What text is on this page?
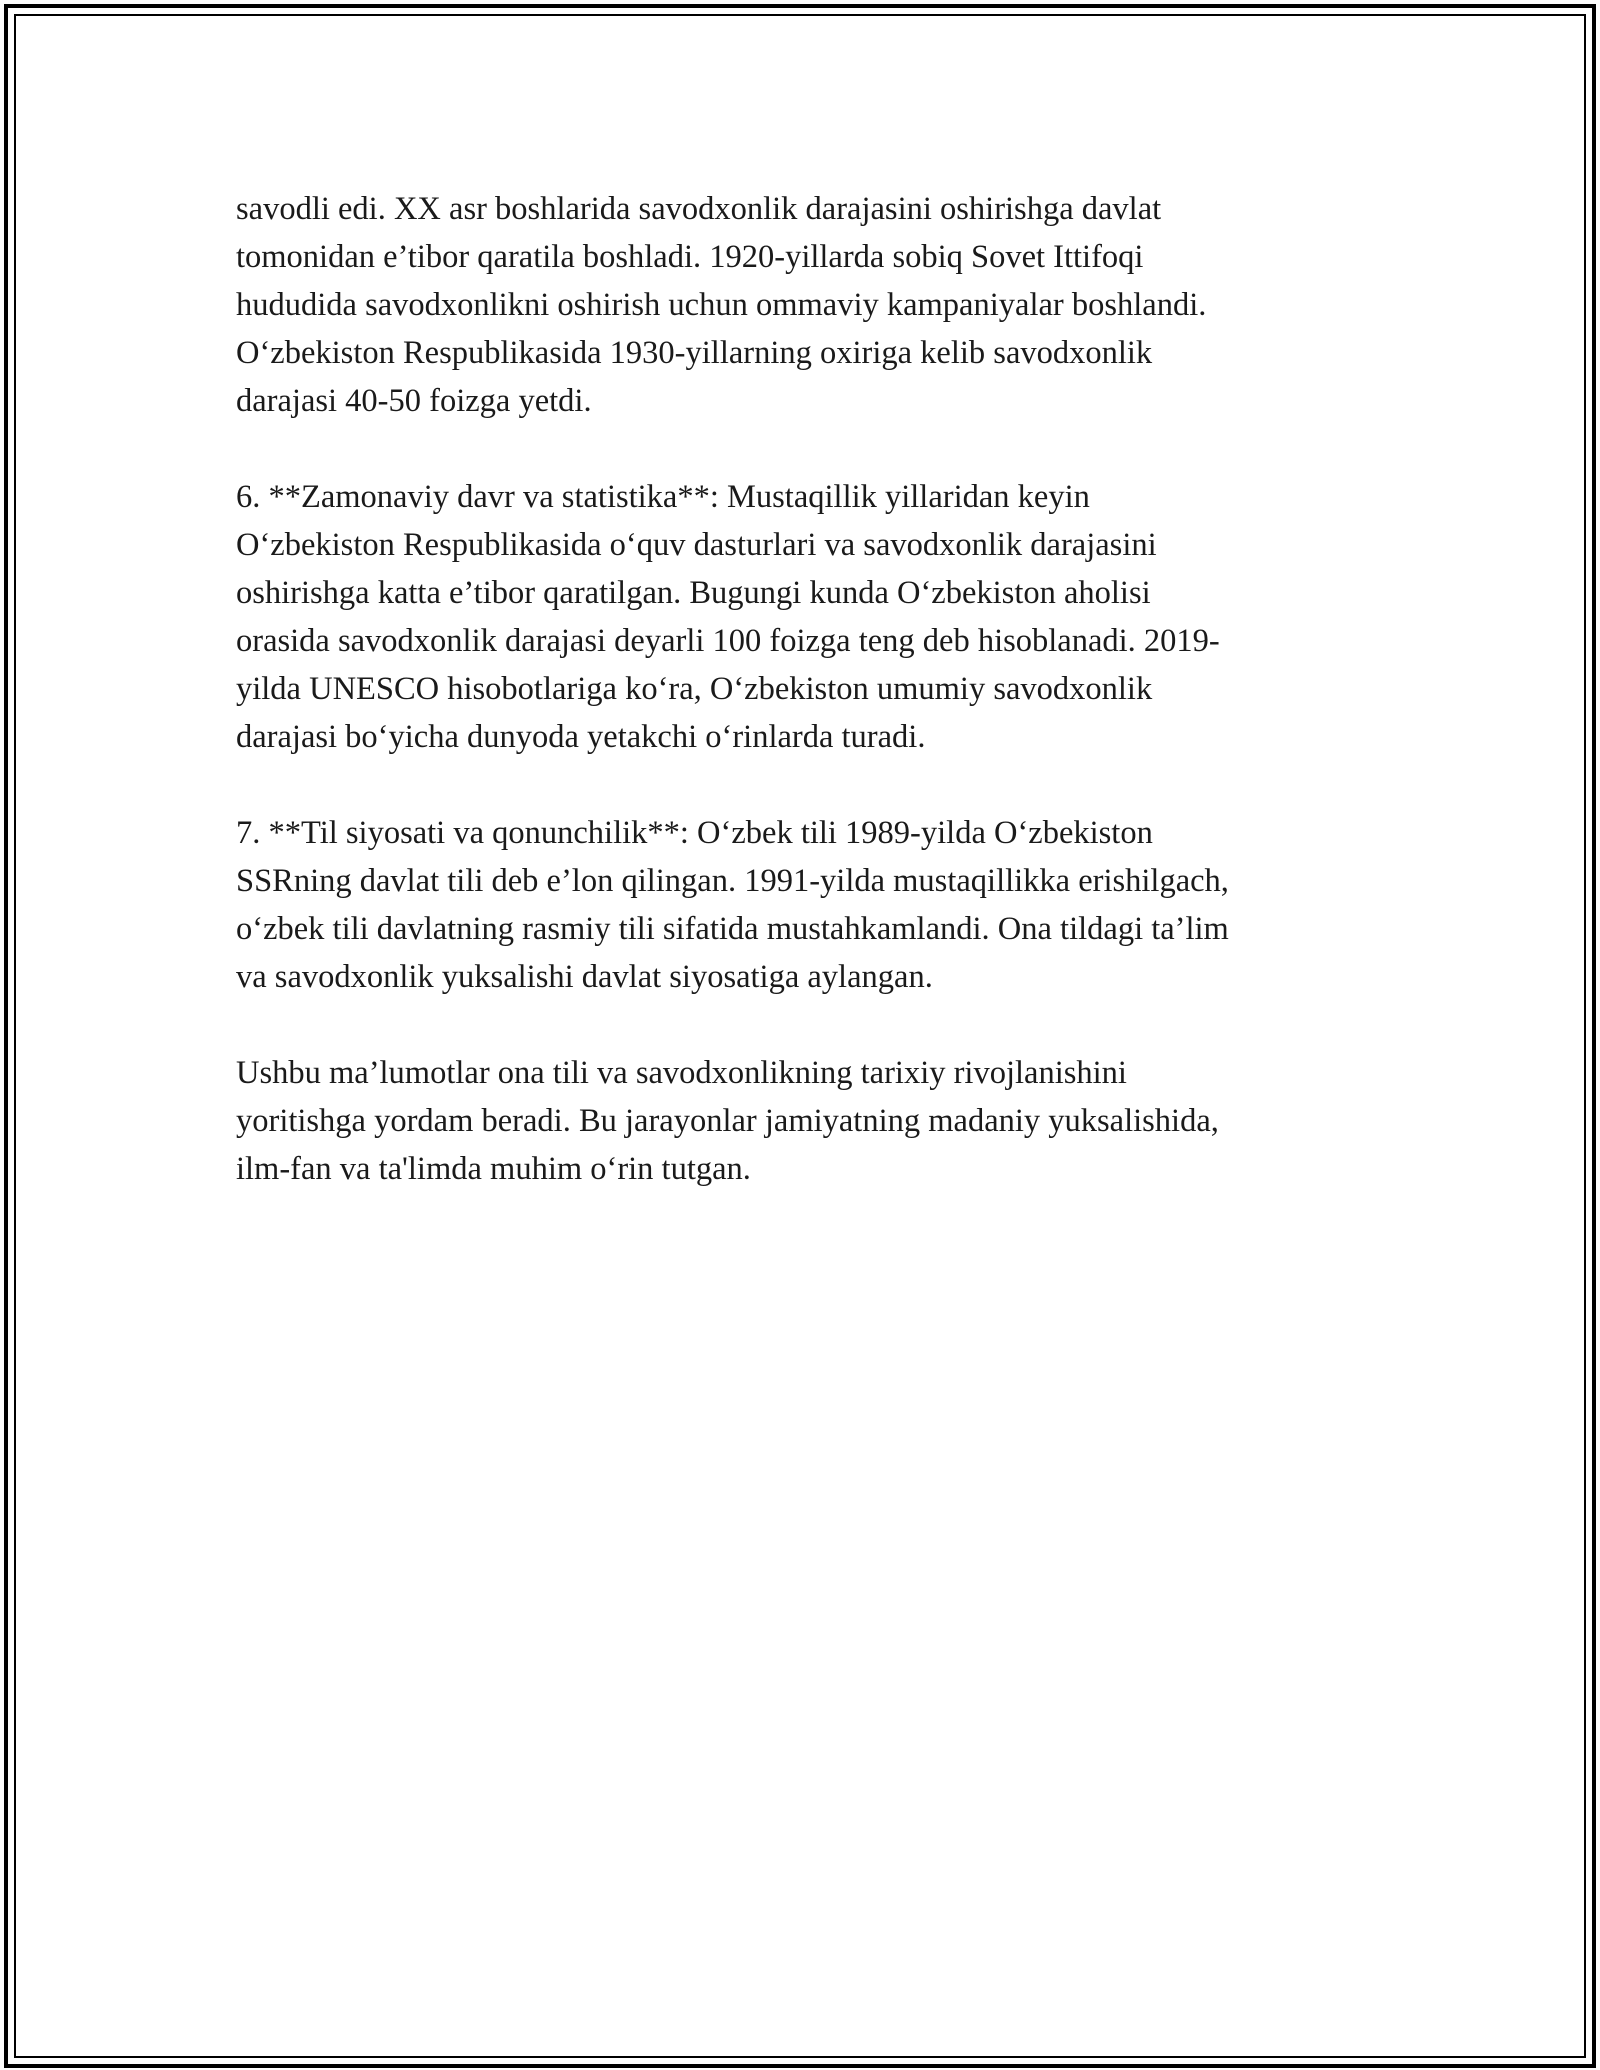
savodli edi. XX asr boshlarida savodxonlik darajasini oshirishga davlat
tomonidan e’tibor qaratila boshladi. 1920-yillarda sobiq Sovet Ittifoqi
hududida savodxonlikni oshirish uchun ommaviy kampaniyalar boshlandi.
O‘zbekiston Respublikasida 1930-yillarning oxiriga kelib savodxonlik
darajasi 40-50 foizga yetdi.

6. **Zamonaviy davr va statistika**: Mustaqillik yillaridan keyin
O‘zbekiston Respublikasida o‘quv dasturlari va savodxonlik darajasini
oshirishga katta e’tibor qaratilgan. Bugungi kunda O‘zbekiston aholisi
orasida savodxonlik darajasi deyarli 100 foizga teng deb hisoblanadi. 2019-
yilda UNESCO hisobotlariga ko‘ra, O‘zbekiston umumiy savodxonlik
darajasi bo‘yicha dunyoda yetakchi o‘rinlarda turadi.

7. **Til siyosati va qonunchilik**: O‘zbek tili 1989-yilda O‘zbekiston
SSRning davlat tili deb e’lon qilingan. 1991-yilda mustaqillikka erishilgach,
o‘zbek tili davlatning rasmiy tili sifatida mustahkamlandi. Ona tildagi ta’lim
va savodxonlik yuksalishi davlat siyosatiga aylangan.

Ushbu ma’lumotlar ona tili va savodxonlikning tarixiy rivojlanishini
yoritishga yordam beradi. Bu jarayonlar jamiyatning madaniy yuksalishida,
ilm-fan va ta'limda muhim o‘rin tutgan.
